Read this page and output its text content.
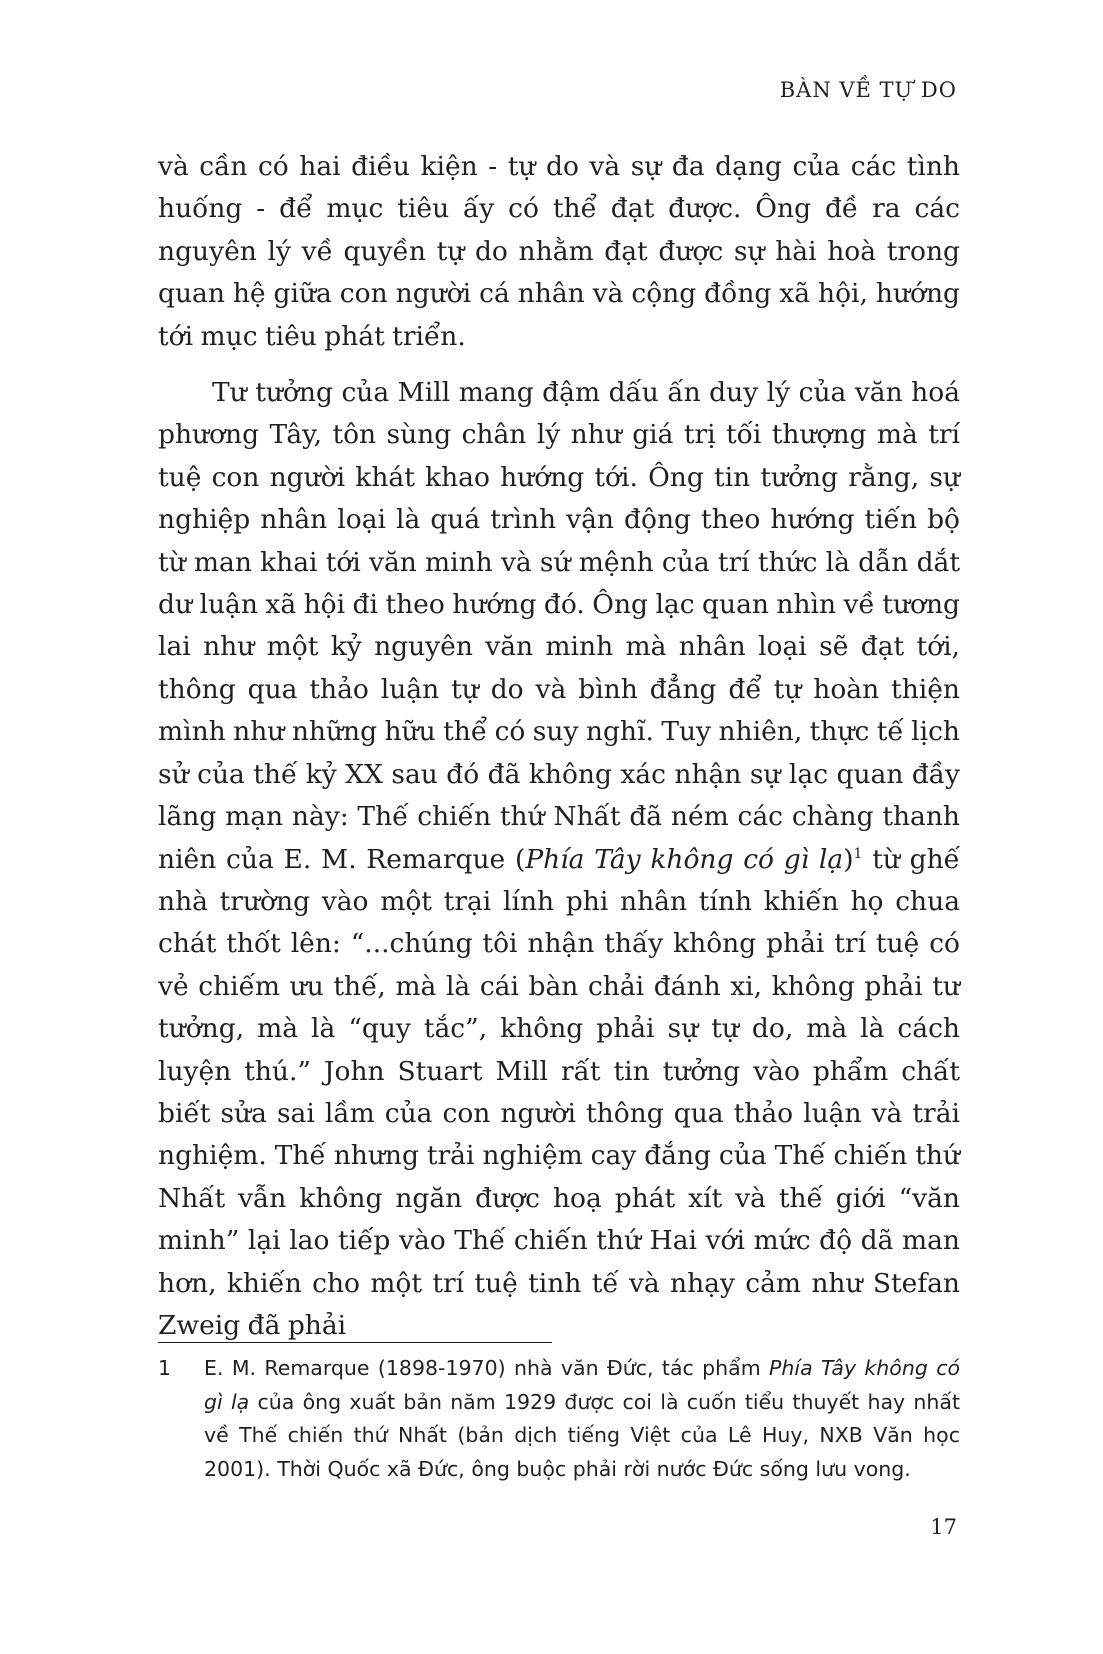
BÀN VỀ TỰ DO

và cần có hai điều kiện - tự do và sự đa dạng của các tình huống - để mục tiêu ấy có thể đạt được. Ông đề ra các nguyên lý về quyền tự do nhằm đạt được sự hài hoà trong quan hệ giữa con người cá nhân và cộng đồng xã hội, hướng tới mục tiêu phát triển.

Tư tưởng của Mill mang đậm dấu ấn duy lý của văn hoá phương Tây, tôn sùng chân lý như giá trị tối thượng mà trí tuệ con người khát khao hướng tới. Ông tin tưởng rằng, sự nghiệp nhân loại là quá trình vận động theo hướng tiến bộ từ man khai tới văn minh và sứ mệnh của trí thức là dẫn dắt dư luận xã hội đi theo hướng đó. Ông lạc quan nhìn về tương lai như một kỷ nguyên văn minh mà nhân loại sẽ đạt tới, thông qua thảo luận tự do và bình đẳng để tự hoàn thiện mình như những hữu thể có suy nghĩ. Tuy nhiên, thực tế lịch sử của thế kỷ XX sau đó đã không xác nhận sự lạc quan đầy lãng mạn này: Thế chiến thứ Nhất đã ném các chàng thanh niên của E. M. Remarque (Phía Tây không có gì lạ)$^1$ từ ghế nhà trường vào một trại lính phi nhân tính khiến họ chua chát thốt lên: “...chúng tôi nhận thấy không phải trí tuệ có vẻ chiếm ưu thế, mà là cái bàn chải đánh xi, không phải tư tưởng, mà là “quy tắc”, không phải sự tự do, mà là cách luyện thú.” John Stuart Mill rất tin tưởng vào phẩm chất biết sửa sai lầm của con người thông qua thảo luận và trải nghiệm. Thế nhưng trải nghiệm cay đắng của Thế chiến thứ Nhất vẫn không ngăn được hoạ phát xít và thế giới “văn minh” lại lao tiếp vào Thế chiến thứ Hai với mức độ dã man hơn, khiến cho một trí tuệ tinh tế và nhạy cảm như Stefan Zweig đã phải

1 E. M. Remarque (1898-1970) nhà văn Đức, tác phẩm Phía Tây không có gì lạ của ông xuất bản năm 1929 được coi là cuốn tiểu thuyết hay nhất về Thế chiến thứ Nhất (bản dịch tiếng Việt của Lê Huy, NXB Văn học 2001). Thời Quốc xã Đức, ông buộc phải rời nước Đức sống lưu vong.
17
